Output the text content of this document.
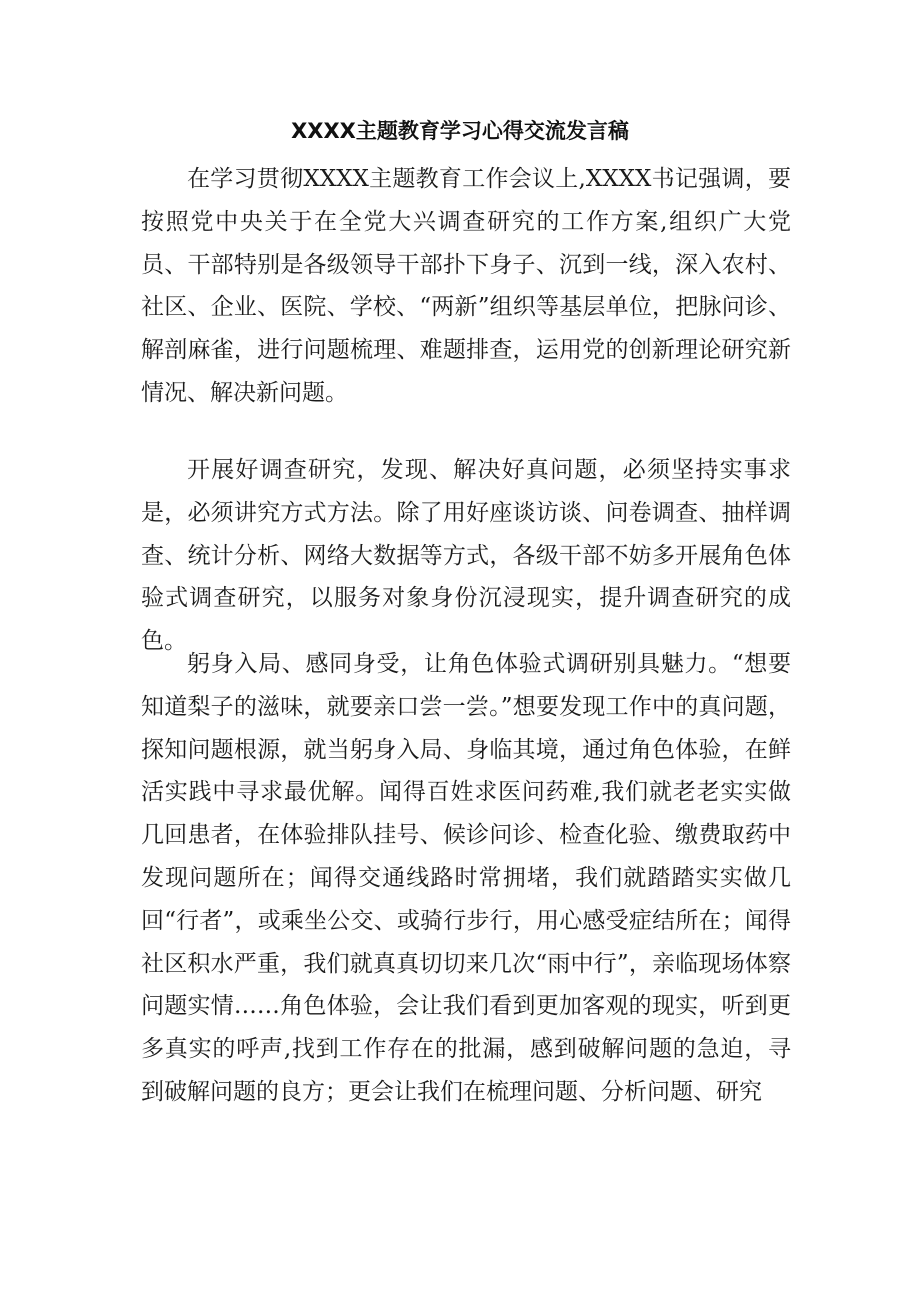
XXXX主题教育学习心得交流发言稿

在学习贯彻XXXX主题教育工作会议上,XXXX书记强调，要按照党中央关于在全党大兴调查研究的工作方案,组织广大党员、干部特别是各级领导干部扑下身子、沉到一线，深入农村、社区、企业、医院、学校、“两新”组织等基层单位，把脉问诊、解剖麻雀，进行问题梳理、难题排查，运用党的创新理论研究新情况、解决新问题。

开展好调查研究，发现、解决好真问题，必须坚持实事求是，必须讲究方式方法。除了用好座谈访谈、问卷调查、抽样调查、统计分析、网络大数据等方式，各级干部不妨多开展角色体验式调查研究，以服务对象身份沉浸现实，提升调查研究的成色。

躬身入局、感同身受，让角色体验式调研别具魅力。“想要知道梨子的滋味，就要亲口尝一尝。”想要发现工作中的真问题，探知问题根源，就当躬身入局、身临其境，通过角色体验，在鲜活实践中寻求最优解。闻得百姓求医问药难,我们就老老实实做几回患者，在体验排队挂号、候诊问诊、检查化验、缴费取药中发现问题所在；闻得交通线路时常拥堵，我们就踏踏实实做几回“行者”，或乘坐公交、或骑行步行，用心感受症结所在；闻得社区积水严重，我们就真真切切来几次“雨中行”，亲临现场体察问题实情……角色体验，会让我们看到更加客观的现实，听到更多真实的呼声,找到工作存在的批漏，感到破解问题的急迫，寻到破解问题的良方；更会让我们在梳理问题、分析问题、研究
